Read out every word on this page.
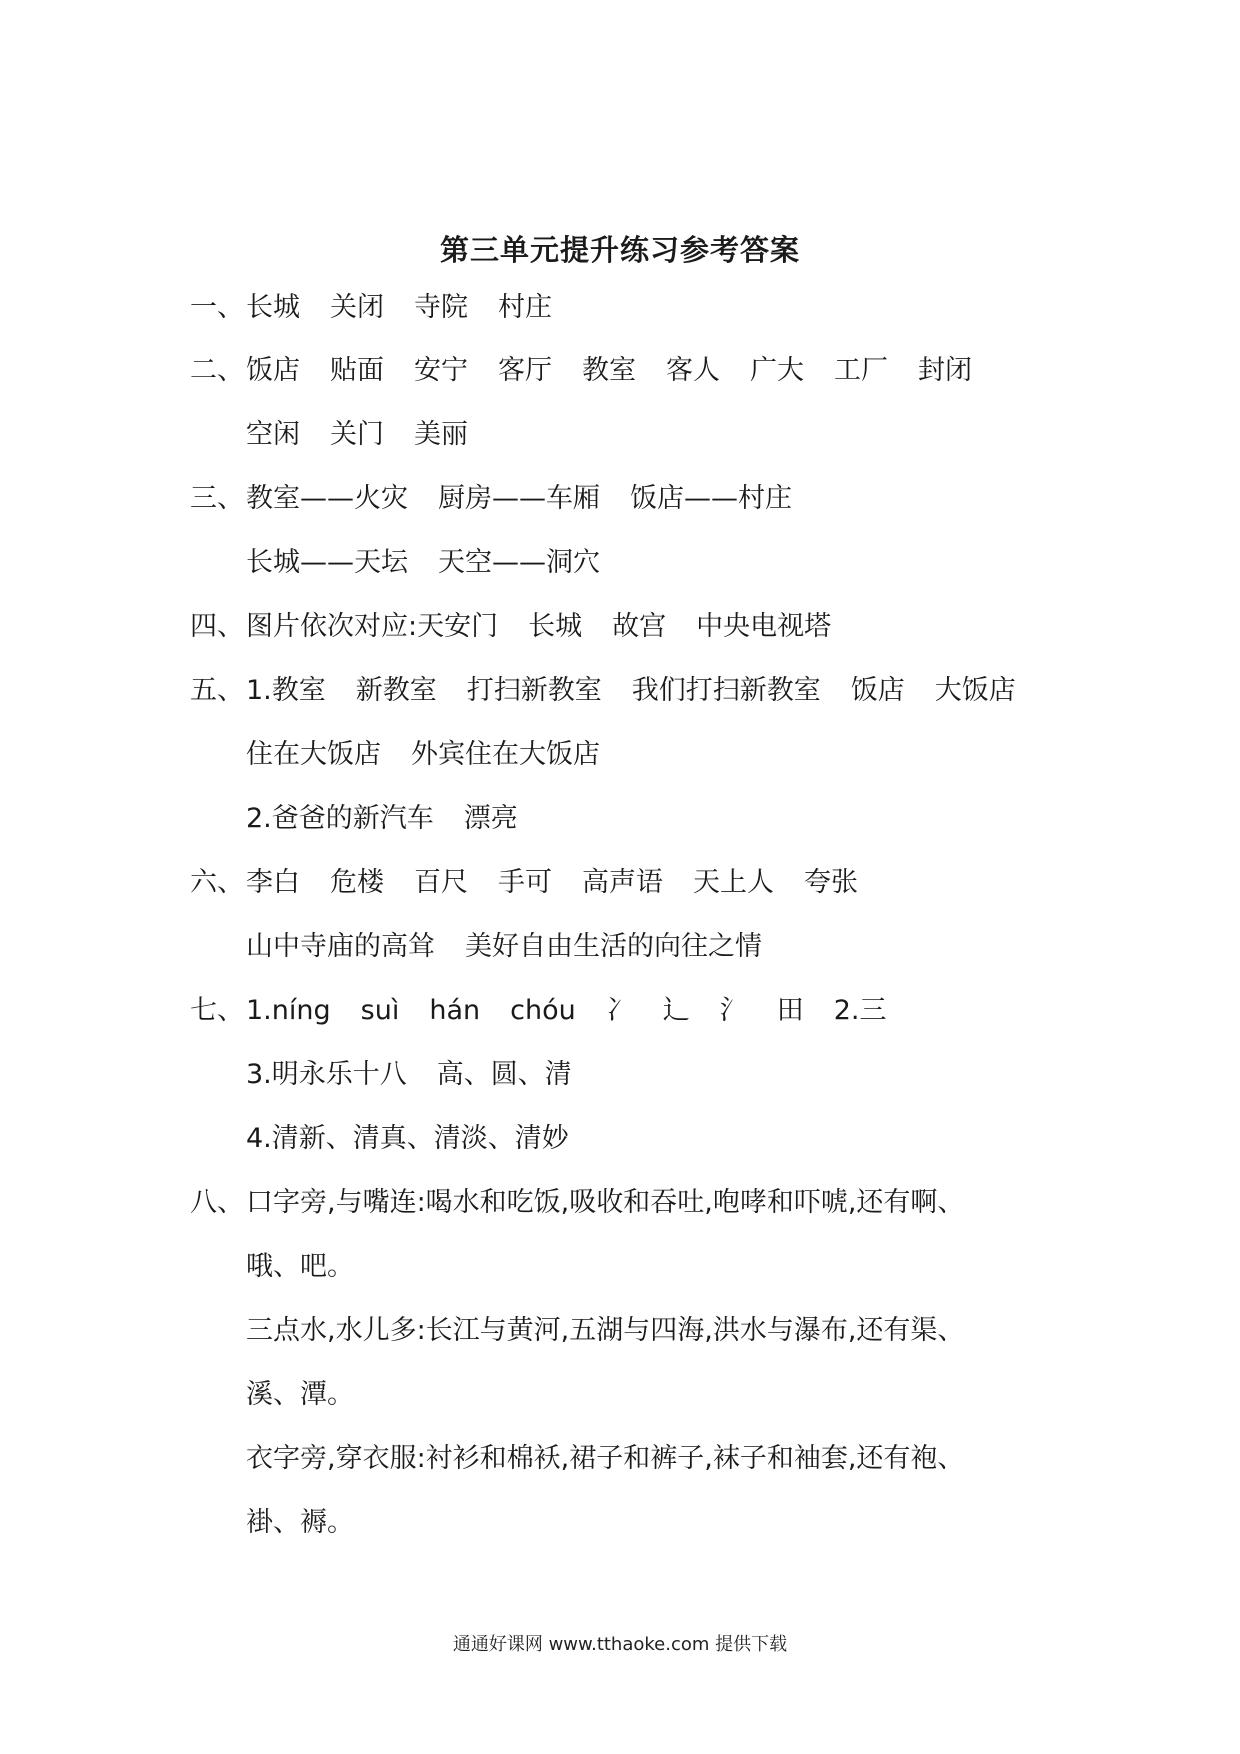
第三单元提升练习参考答案
一、长城 关闭 寺院 村庄
二、饭店 贴面 安宁 客厅 教室 客人 广大 工厂 封闭
空闲 关门 美丽
三、教室——火灾 厨房——车厢 饭店——村庄
长城——天坛 天空——洞穴
四、图片依次对应:天安门 长城 故宫 中央电视塔
五、1.教室 新教室 打扫新教室 我们打扫新教室 饭店 大饭店
住在大饭店 外宾住在大饭店
2.爸爸的新汽车 漂亮
六、李白 危楼 百尺 手可 高声语 天上人 夸张
山中寺庙的高耸 美好自由生活的向往之情
七、1.níng suì hán chóu 冫 辶 氵 田 2.三
3.明永乐十八 高、圆、清
4.清新、清真、清淡、清妙
八、口字旁,与嘴连:喝水和吃饭,吸收和吞吐,咆哮和吓唬,还有啊、
哦、吧。
三点水,水儿多:长江与黄河,五湖与四海,洪水与瀑布,还有渠、
溪、潭。
衣字旁,穿衣服:衬衫和棉袄,裙子和裤子,袜子和袖套,还有袍、
褂、褥。
通通好课网 www.tthaoke.com 提供下载
